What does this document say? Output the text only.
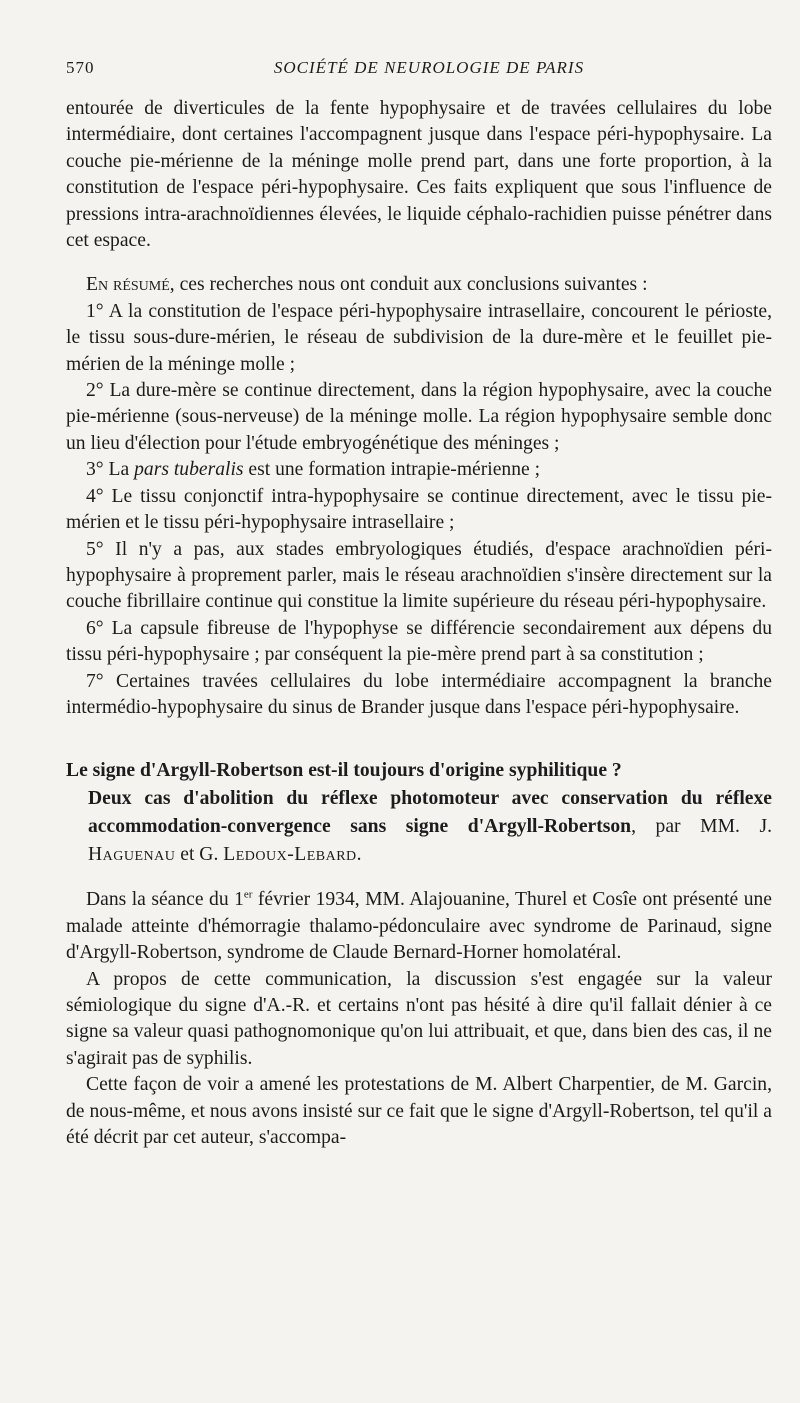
570	SOCIÉTÉ DE NEUROLOGIE DE PARIS

entourée de diverticules de la fente hypophysaire et de travées cellulaires du lobe intermédiaire, dont certaines l'accompagnent jusque dans l'espace péri-hypophysaire. La couche pie-mérienne de la méninge molle prend part, dans une forte proportion, à la constitution de l'espace péri-hypophysaire. Ces faits expliquent que sous l'influence de pressions intra-arachnoïdiennes élevées, le liquide céphalo-rachidien puisse pénétrer dans cet espace.

En résumé, ces recherches nous ont conduit aux conclusions suivantes :

1° A la constitution de l'espace péri-hypophysaire intrasellaire, concourent le périoste, le tissu sous-dure-mérien, le réseau de subdivision de la dure-mère et le feuillet pie-mérien de la méninge molle ;

2° La dure-mère se continue directement, dans la région hypophysaire, avec la couche pie-mérienne (sous-nerveuse) de la méninge molle. La région hypophysaire semble donc un lieu d'élection pour l'étude embryogénétique des méninges ;

3° La pars tuberalis est une formation intrapie-mérienne ;

4° Le tissu conjonctif intra-hypophysaire se continue directement, avec le tissu pie-mérien et le tissu péri-hypophysaire intrasellaire ;

5° Il n'y a pas, aux stades embryologiques étudiés, d'espace arachnoïdien péri-hypophysaire à proprement parler, mais le réseau arachnoïdien s'insère directement sur la couche fibrillaire continue qui constitue la limite supérieure du réseau péri-hypophysaire.

6° La capsule fibreuse de l'hypophyse se différencie secondairement aux dépens du tissu péri-hypophysaire ; par conséquent la pie-mère prend part à sa constitution ;

7° Certaines travées cellulaires du lobe intermédiaire accompagnent la branche intermédio-hypophysaire du sinus de Brander jusque dans l'espace péri-hypophysaire.

Le signe d'Argyll-Robertson est-il toujours d'origine syphilitique ?
Deux cas d'abolition du réflexe photomoteur avec conservation du réflexe accommodation-convergence sans signe d'Argyll-Robertson, par MM. J. Haguenau et G. Ledoux-Lebard.

Dans la séance du 1er février 1934, MM. Alajouanine, Thurel et Cosîe ont présenté une malade atteinte d'hémorragie thalamo-pédonculaire avec syndrome de Parinaud, signe d'Argyll-Robertson, syndrome de Claude Bernard-Horner homolatéral.

A propos de cette communication, la discussion s'est engagée sur la valeur sémiologique du signe d'A.-R. et certains n'ont pas hésité à dire qu'il fallait dénier à ce signe sa valeur quasi pathognomonique qu'on lui attribuait, et que, dans bien des cas, il ne s'agirait pas de syphilis.

Cette façon de voir a amené les protestations de M. Albert Charpentier, de M. Garcin, de nous-même, et nous avons insisté sur ce fait que le signe d'Argyll-Robertson, tel qu'il a été décrit par cet auteur, s'accompa-
